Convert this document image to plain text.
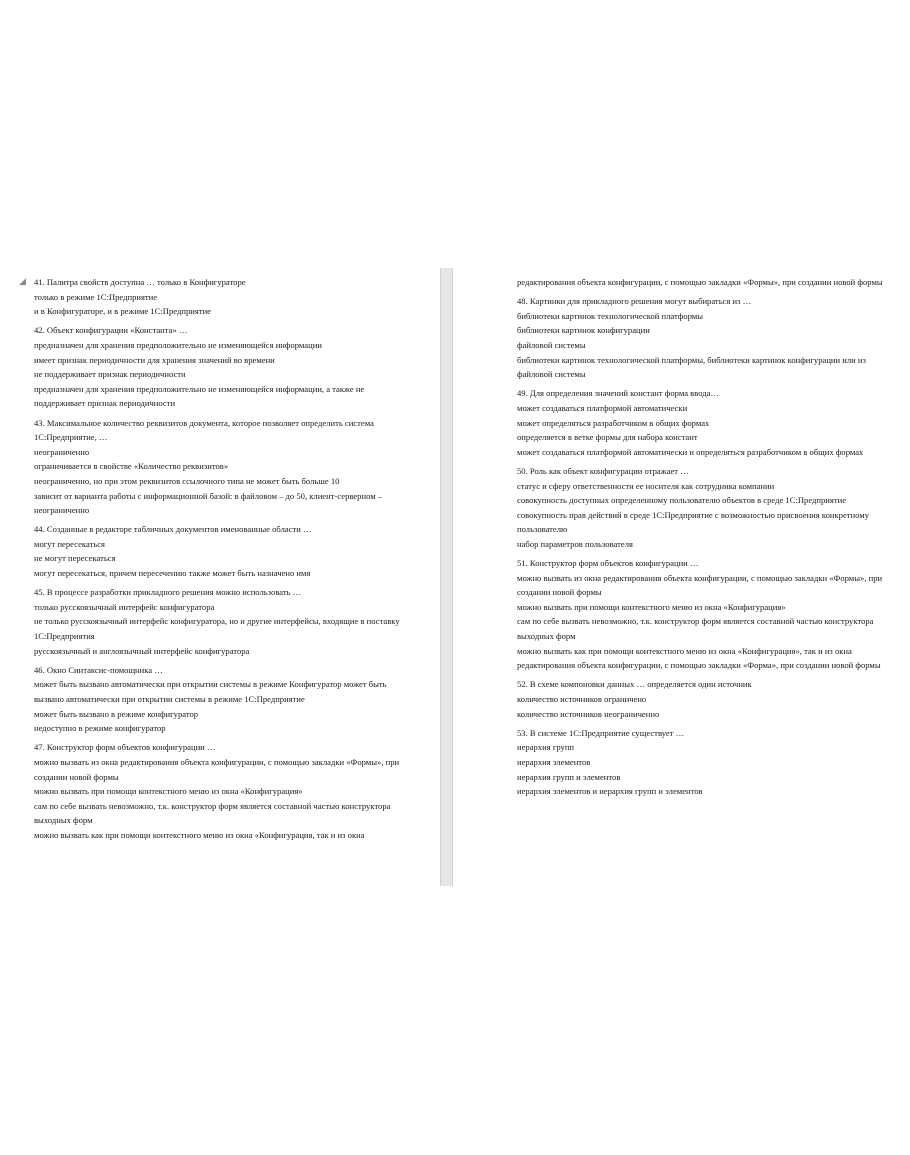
◢ 41. Палитра свойств доступна … только в Конфигураторе
только в режиме 1С:Предприятие
и в Конфигураторе, и в режиме 1С:Предприятие
42. Объект конфигурации «Константа» …
предназначен для хранения предположительно не изменяющейся информации
имеет признак периодичности для хранения значений во времени
не поддерживает признак периодичности
предназначен для хранения предположительно не изменяющейся информации, а также не поддерживает признак периодичности
43. Максимальное количество реквизитов документа, которое позволяет определить система 1С:Предприятие, …
неограниченно
ограничивается в свойстве «Количество реквизитов»
неограниченно, но при этом реквизитов ссылочного типа не может быть больше 10
зависит от варианта работы с информационной базой: в файловом – до 50, клиент-серверном – неограниченно
44. Созданные в редакторе табличных документов именованные области …
могут пересекаться
не могут пересекаться
могут пересекаться, причем пересечению также может быть назначено имя
45. В процессе разработки прикладного решения можно использовать …
только русскоязычный интерфейс конфигуратора
не только русскоязычный интерфейс конфигуратора, но и другие интерфейсы, входящие в поставку 1С:Предприятия
русскоязычный и англоязычный интерфейс конфигуратора
46. Окно Синтаксис-помощника …
может быть вызвано автоматически при открытии системы в режиме Конфигуратор может быть вызвано автоматически при открытии системы в режиме 1С:Предприятие
может быть вызвано в режиме конфигуратор
недоступно в режиме конфигуратор
47. Конструктор форм объектов конфигурации …
можно вызвать из окна редактирования объекта конфигурации, с помощью закладки «Формы», при создании новой формы
можно вызвать при помощи контекстного меню из окна «Конфигурация»
сам по себе вызвать невозможно, т.к. конструктор форм является составной частью конструктора выходных форм
можно вызвать как при помощи контекстного меню из окна «Конфигурация, так и из окна
редактирования объекта конфигурации, с помощью закладки «Формы», при создании новой формы
48. Картинки для прикладного решения могут выбираться из …
библиотеки картинок технологической платформы
библиотеки картинок конфигурации
файловой системы
библиотеки картинок технологической платформы, библиотеки картинок конфигурации или из
файловой системы
49. Для определения значений констант форма ввода…
может создаваться платформой автоматически
может определяться разработчиком в общих формах
определяется в ветке формы для набора констант
может создаваться платформой автоматически и определяться разработчиком в общих формах
50. Роль как объект конфигурации отражает …
статус и сферу ответственности ее носителя как сотрудника компании
совокупность доступных определенному пользователю объектов в среде 1С:Предприятие
совокупность прав действий в среде 1С:Предприятие с возможностью присвоения конкретному пользователю
набор параметров пользователя
51. Конструктор форм объектов конфигурации …
можно вызвать из окна редактирования объекта конфигурации, с помощью закладки «Формы», при создании новой формы
можно вызвать при помощи контекстного меню из окна «Конфигурация»
сам по себе вызвать невозможно, т.к. конструктор форм является составной частью конструктора выходных форм
можно вызвать как при помощи контекстного меню из окна «Конфигурация», так и из окна
редактирования объекта конфигурации, с помощью закладки «Форма», при создании новой формы
52. В схеме компоновки данных … определяется один источник
количество источников ограничено
количество источников неограниченно
53. В системе 1С:Предприятие существует …
иерархия групп
иерархия элементов
иерархия групп и элементов
иерархия элементов и иерархия групп и элементов
